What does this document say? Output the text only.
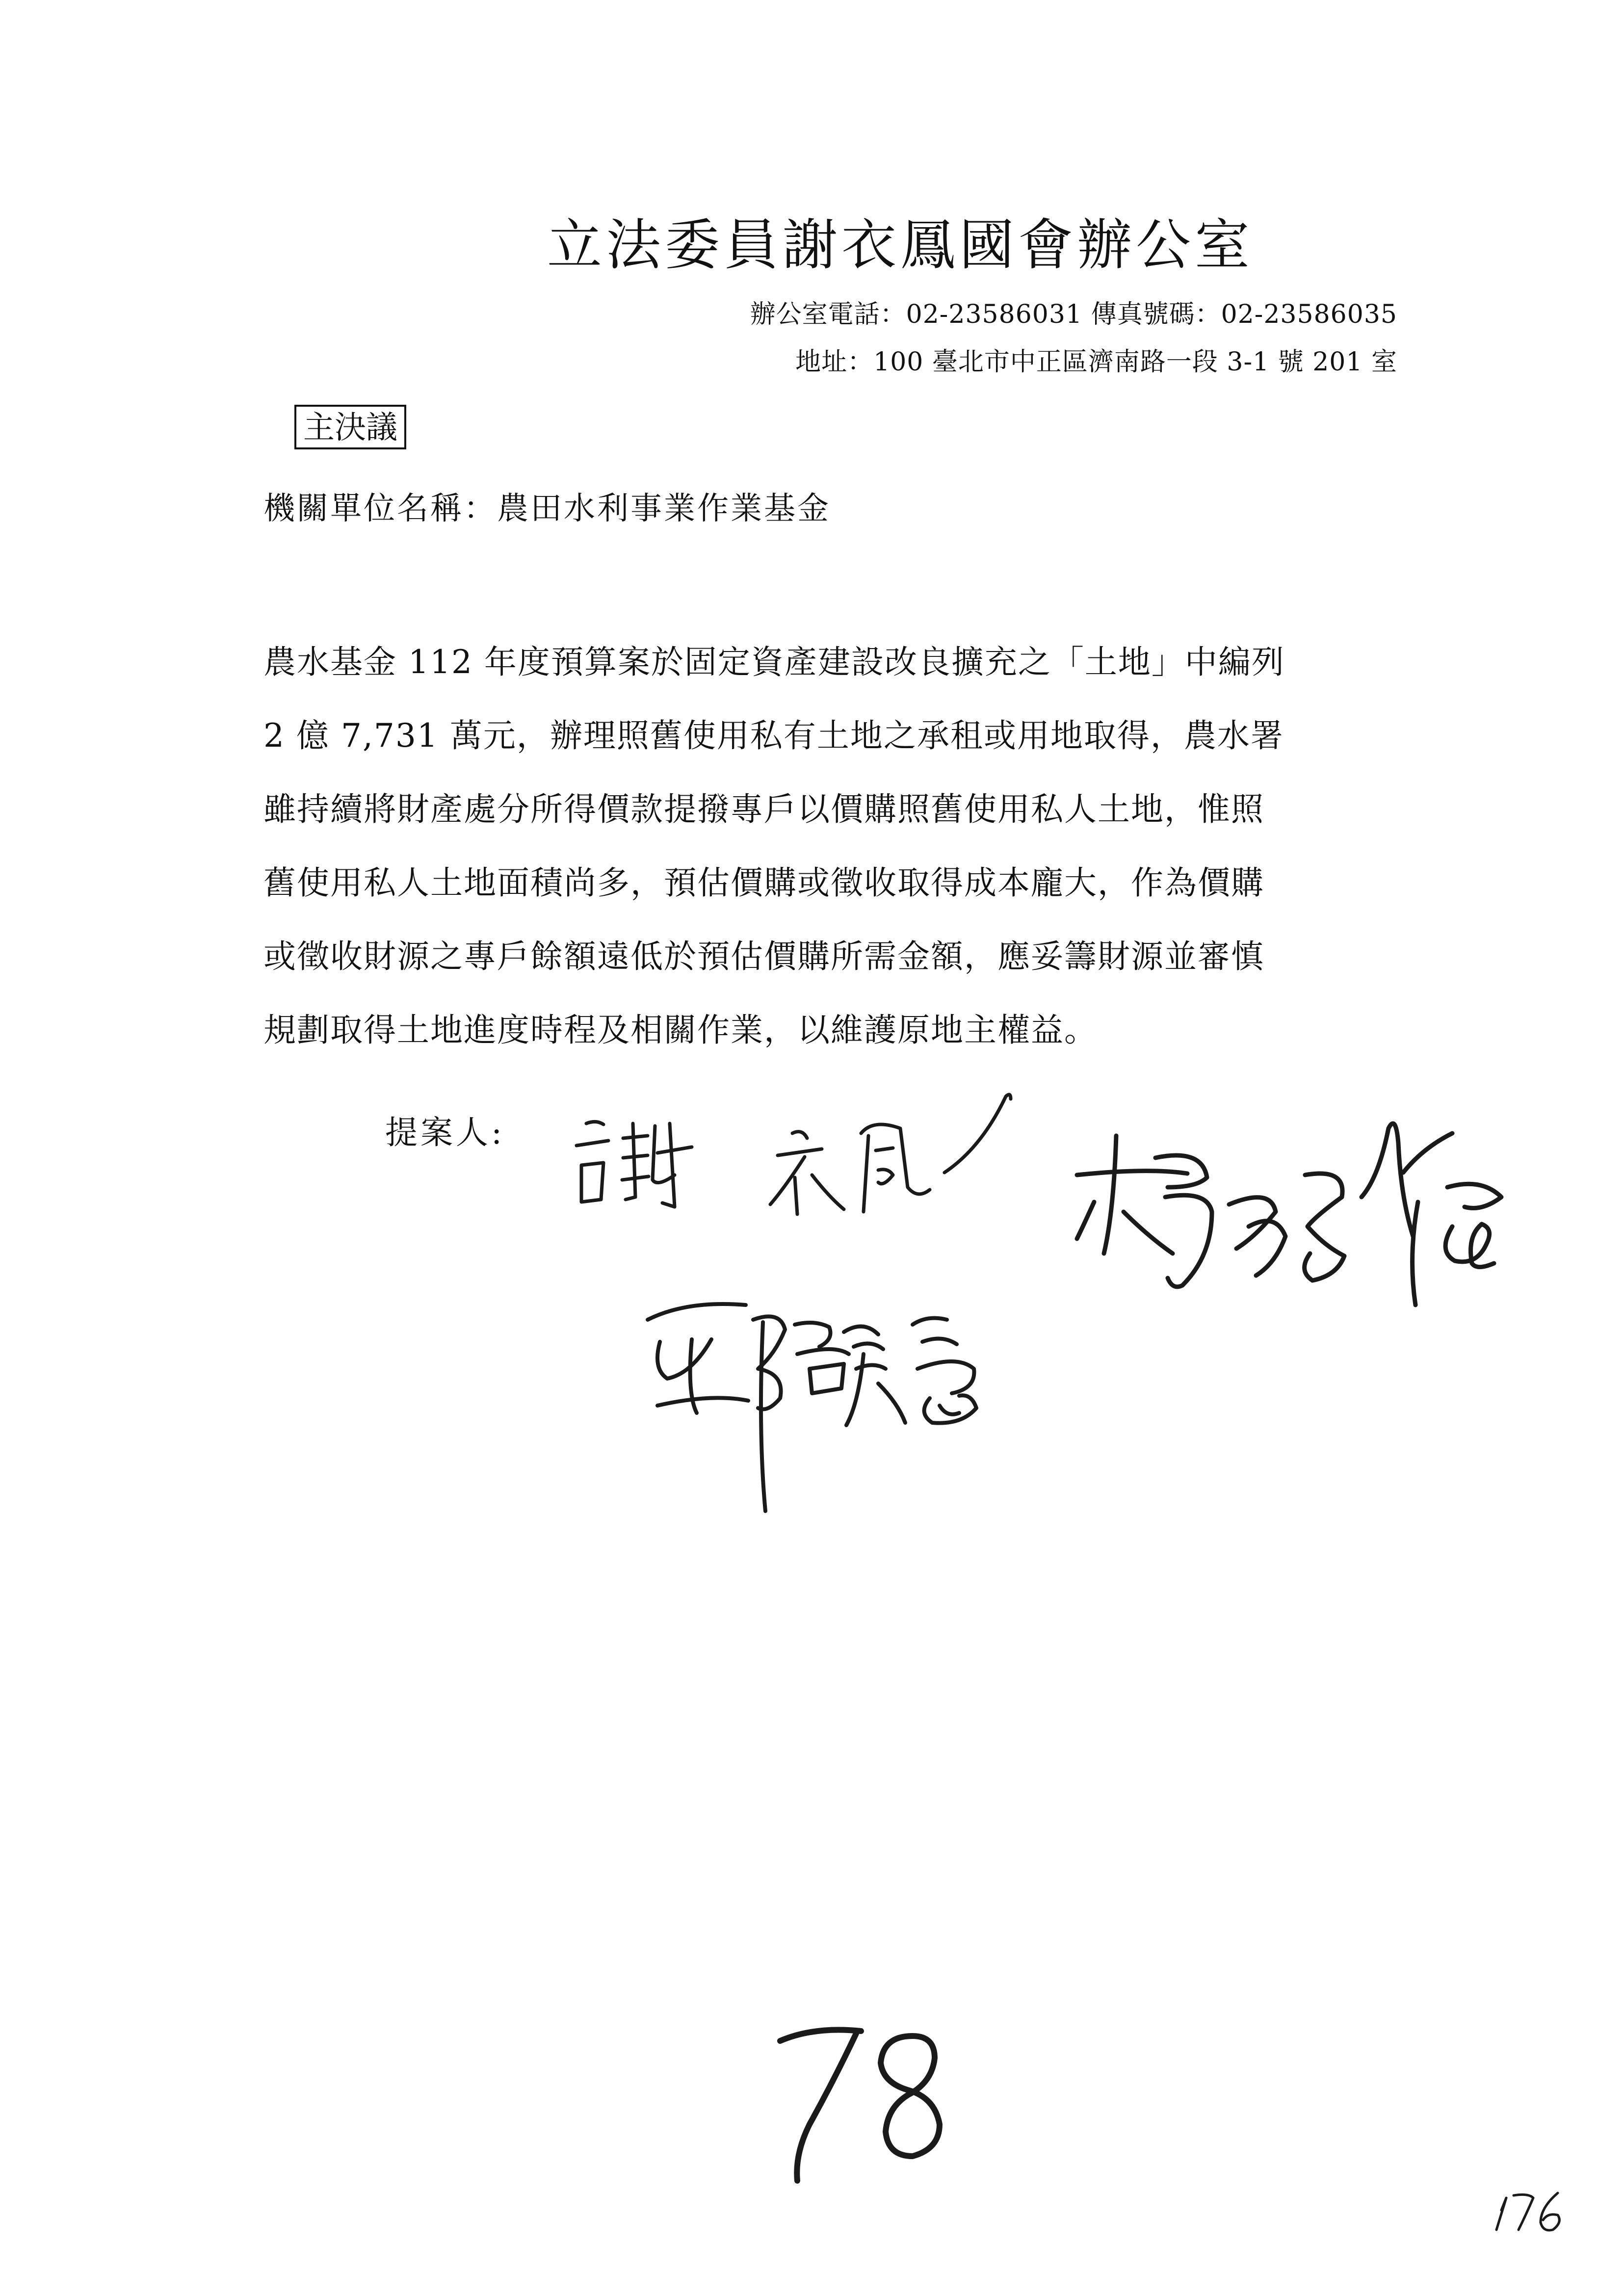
立法委員謝衣鳳國會辦公室
辦公室電話：02-23586031 傳真號碼：02-23586035
地址：100 臺北市中正區濟南路一段 3-1 號 201 室
主決議
機關單位名稱：農田水利事業作業基金
農水基金 112 年度預算案於固定資產建設改良擴充之「土地」中編列
2 億 7,731 萬元，辦理照舊使用私有土地之承租或用地取得，農水署
雖持續將財產處分所得價款提撥專戶以價購照舊使用私人土地，惟照
舊使用私人土地面積尚多，預估價購或徵收取得成本龐大，作為價購
或徵收財源之專戶餘額遠低於預估價購所需金額，應妥籌財源並審慎
規劃取得土地進度時程及相關作業，以維護原地主權益。
提案人:
